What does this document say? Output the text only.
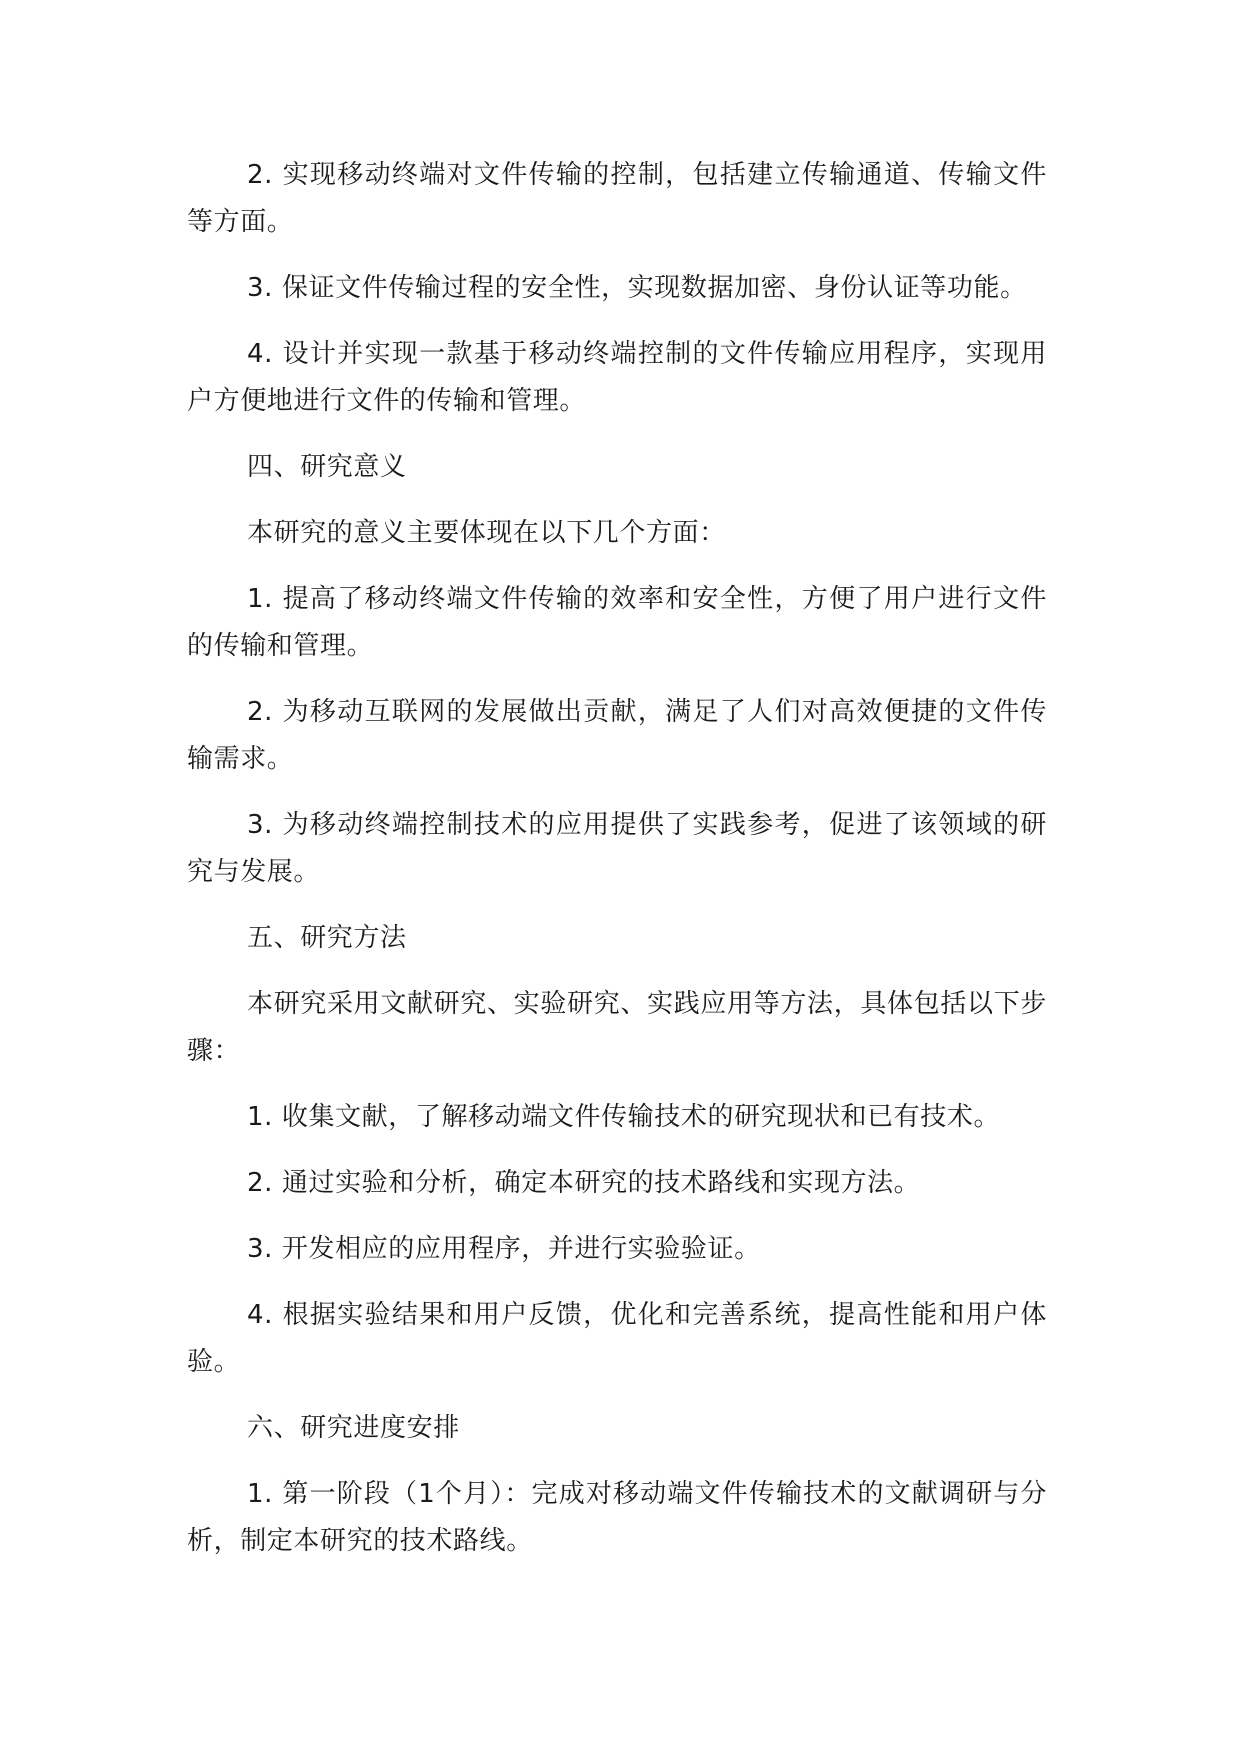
2. 实现移动终端对文件传输的控制，包括建立传输通道、传输文件等方面。

3. 保证文件传输过程的安全性，实现数据加密、身份认证等功能。

4. 设计并实现一款基于移动终端控制的文件传输应用程序，实现用户方便地进行文件的传输和管理。

四、研究意义

本研究的意义主要体现在以下几个方面：

1. 提高了移动终端文件传输的效率和安全性，方便了用户进行文件的传输和管理。

2. 为移动互联网的发展做出贡献，满足了人们对高效便捷的文件传输需求。

3. 为移动终端控制技术的应用提供了实践参考，促进了该领域的研究与发展。

五、研究方法

本研究采用文献研究、实验研究、实践应用等方法，具体包括以下步骤：

1. 收集文献，了解移动端文件传输技术的研究现状和已有技术。

2. 通过实验和分析，确定本研究的技术路线和实现方法。

3. 开发相应的应用程序，并进行实验验证。

4. 根据实验结果和用户反馈，优化和完善系统，提高性能和用户体验。

六、研究进度安排

1. 第一阶段（1个月）：完成对移动端文件传输技术的文献调研与分析，制定本研究的技术路线。
